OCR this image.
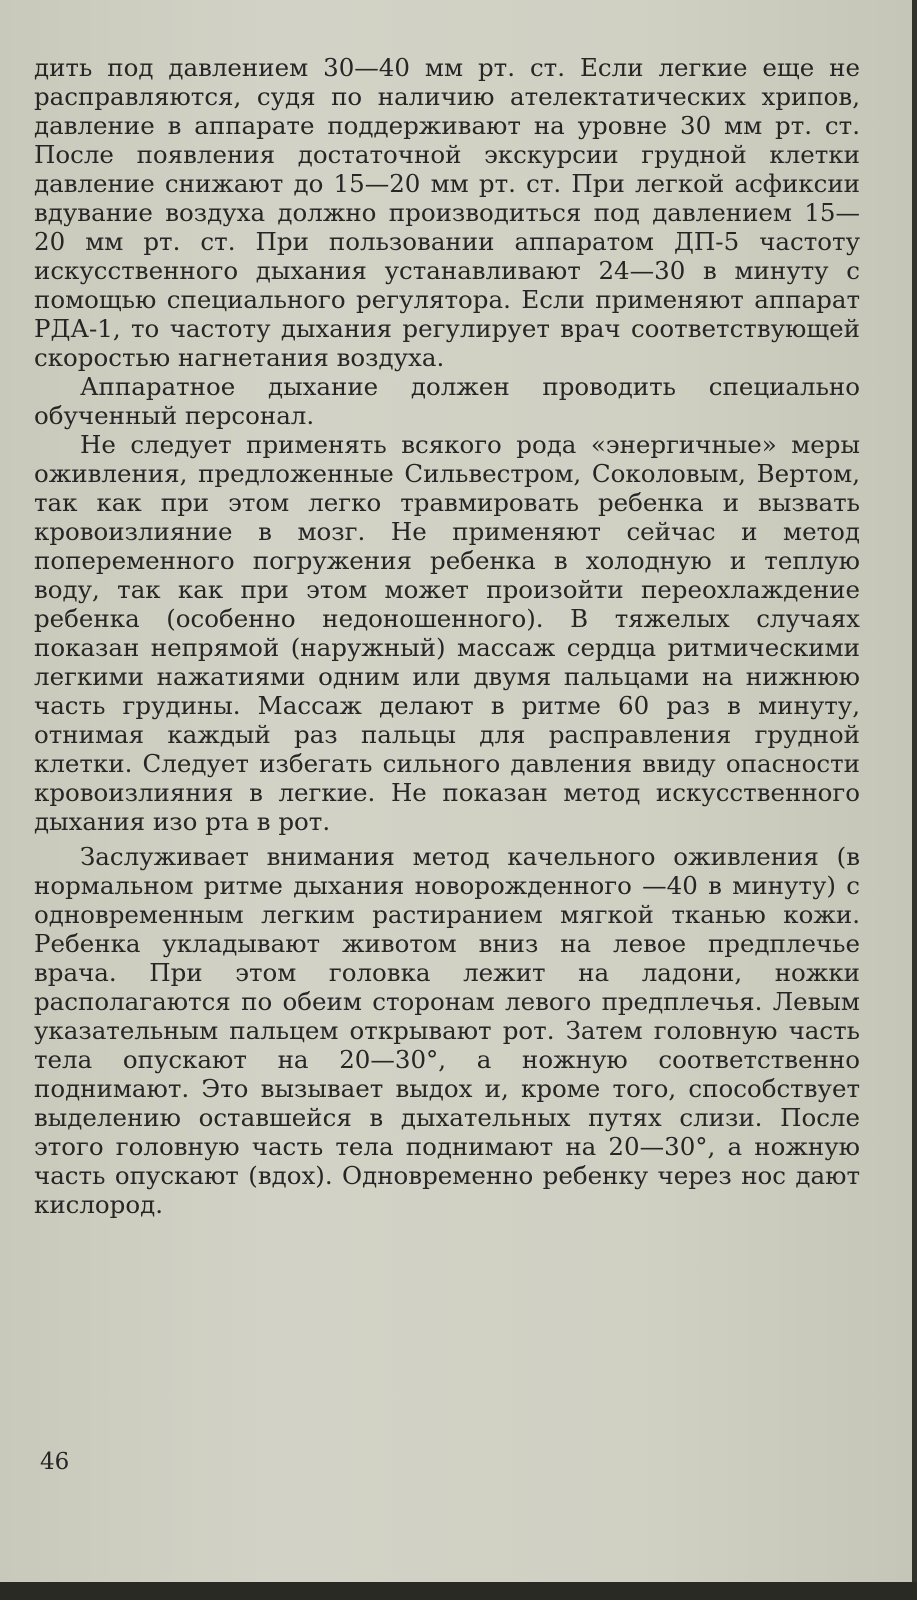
дить под давлением 30—40 мм рт. ст. Если легкие еще не расправляются, судя по наличию ателектатических хрипов, давление в аппарате поддерживают на уровне 30 мм рт. ст. После появления достаточной экскурсии грудной клетки давление снижают до 15—20 мм рт. ст. При легкой асфиксии вдувание воздуха должно производиться под давлением 15—20 мм рт. ст. При пользовании аппаратом ДП-5 частоту искусственного дыхания устанавливают 24—30 в минуту с помощью специального регулятора. Если применяют аппарат РДА-1, то частоту дыхания регулирует врач соответствующей скоростью нагнетания воздуха.

Аппаратное дыхание должен проводить специально обученный персонал.

Не следует применять всякого рода «энергичные» меры оживления, предложенные Сильвестром, Соколовым, Вертом, так как при этом легко травмировать ребенка и вызвать кровоизлияние в мозг. Не применяют сейчас и метод попеременного погружения ребенка в холодную и теплую воду, так как при этом может произойти переохлаждение ребенка (особенно недоношенного). В тяжелых случаях показан непрямой (наружный) массаж сердца ритмическими легкими нажатиями одним или двумя пальцами на нижнюю часть грудины. Массаж делают в ритме 60 раз в минуту, отнимая каждый раз пальцы для расправления грудной клетки. Следует избегать сильного давления ввиду опасности кровоизлияния в легкие. Не показан метод искусственного дыхания изо рта в рот.

Заслуживает внимания метод качельного оживления (в нормальном ритме дыхания новорожденного —40 в минуту) с одновременным легким растиранием мягкой тканью кожи. Ребенка укладывают животом вниз на левое предплечье врача. При этом головка лежит на ладони, ножки располагаются по обеим сторонам левого предплечья. Левым указательным пальцем открывают рот. Затем головную часть тела опускают на 20—30°, а ножную соответственно поднимают. Это вызывает выдох и, кроме того, способствует выделению оставшейся в дыхательных путях слизи. После этого головную часть тела поднимают на 20—30°, а ножную часть опускают (вдох). Одновременно ребенку через нос дают кислород.

46
